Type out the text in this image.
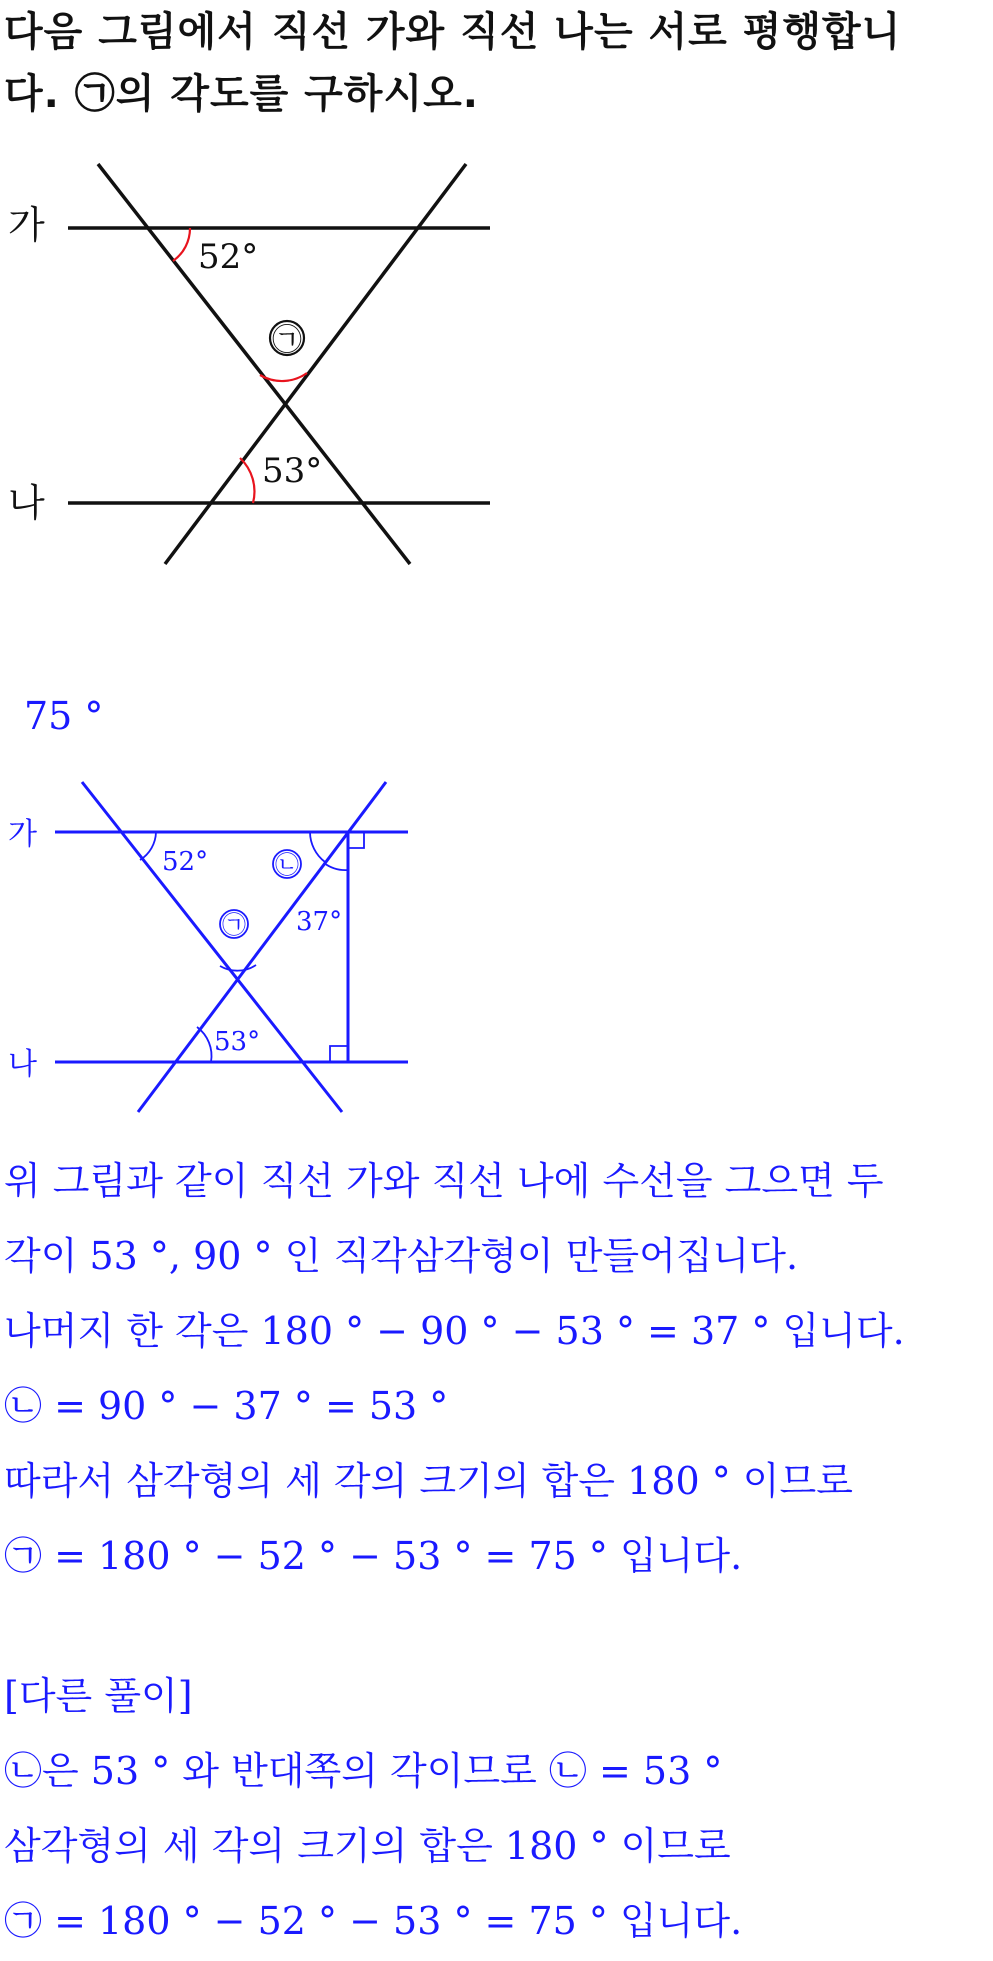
다음 그림에서 직선 가와 직선 나는 서로 평행합니
다. ㉠의 각도를 구하시오.
가
나
52°
53°
㉠
75 °
가
나
52°
53°
37°
㉠
㉡
위 그림과 같이 직선 가와 직선 나에 수선을 그으면 두
각이 53 °, 90 ° 인 직각삼각형이 만들어집니다.
나머지 한 각은 180 ° − 90 ° − 53 ° = 37 ° 입니다.
㉡ = 90 ° − 37 ° = 53 °
따라서 삼각형의 세 각의 크기의 합은 180 ° 이므로
㉠ = 180 ° − 52 ° − 53 ° = 75 ° 입니다.
[다른 풀이]
㉡은 53 ° 와 반대쪽의 각이므로 ㉡ = 53 °
삼각형의 세 각의 크기의 합은 180 ° 이므로
㉠ = 180 ° − 52 ° − 53 ° = 75 ° 입니다.
